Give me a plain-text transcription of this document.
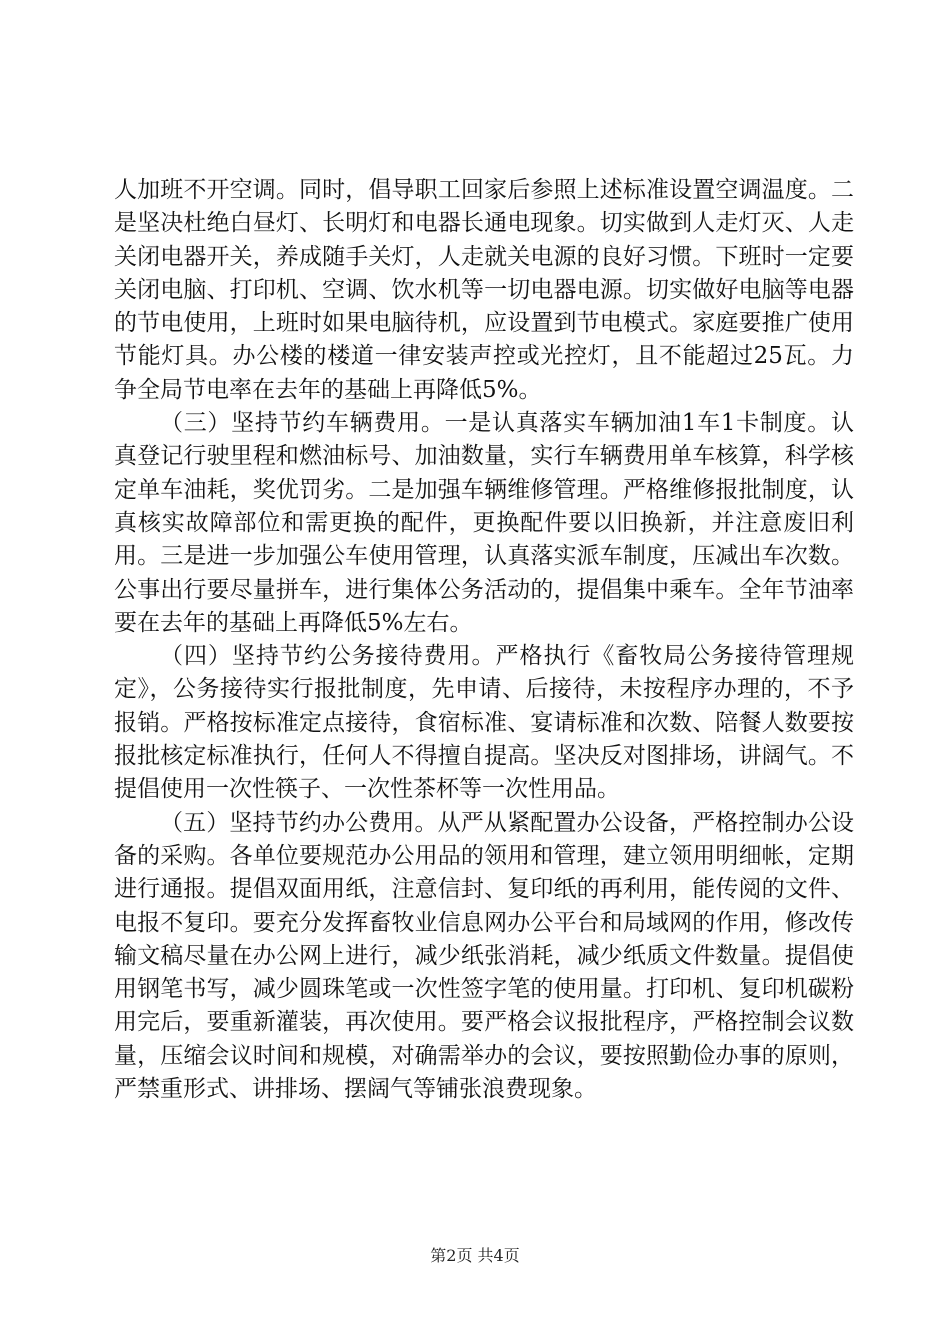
人加班不开空调。同时，倡导职工回家后参照上述标准设置空调温度。二是坚决杜绝白昼灯、长明灯和电器长通电现象。切实做到人走灯灭、人走关闭电器开关，养成随手关灯，人走就关电源的良好习惯。下班时一定要关闭电脑、打印机、空调、饮水机等一切电器电源。切实做好电脑等电器的节电使用，上班时如果电脑待机，应设置到节电模式。家庭要推广使用节能灯具。办公楼的楼道一律安装声控或光控灯，且不能超过25瓦。力争全局节电率在去年的基础上再降低5%。

（三）坚持节约车辆费用。一是认真落实车辆加油1车1卡制度。认真登记行驶里程和燃油标号、加油数量，实行车辆费用单车核算，科学核定单车油耗，奖优罚劣。二是加强车辆维修管理。严格维修报批制度，认真核实故障部位和需更换的配件，更换配件要以旧换新，并注意废旧利用。三是进一步加强公车使用管理，认真落实派车制度，压减出车次数。公事出行要尽量拼车，进行集体公务活动的，提倡集中乘车。全年节油率要在去年的基础上再降低5%左右。

（四）坚持节约公务接待费用。严格执行《畜牧局公务接待管理规定》，公务接待实行报批制度，先申请、后接待，未按程序办理的，不予报销。严格按标准定点接待，食宿标准、宴请标准和次数、陪餐人数要按报批核定标准执行，任何人不得擅自提高。坚决反对图排场，讲阔气。不提倡使用一次性筷子、一次性茶杯等一次性用品。

（五）坚持节约办公费用。从严从紧配置办公设备，严格控制办公设备的采购。各单位要规范办公用品的领用和管理，建立领用明细帐，定期进行通报。提倡双面用纸，注意信封、复印纸的再利用，能传阅的文件、电报不复印。要充分发挥畜牧业信息网办公平台和局域网的作用，修改传输文稿尽量在办公网上进行，减少纸张消耗，减少纸质文件数量。提倡使用钢笔书写，减少圆珠笔或一次性签字笔的使用量。打印机、复印机碳粉用完后，要重新灌装，再次使用。要严格会议报批程序，严格控制会议数量，压缩会议时间和规模，对确需举办的会议，要按照勤俭办事的原则，严禁重形式、讲排场、摆阔气等铺张浪费现象。

第2页 共4页
